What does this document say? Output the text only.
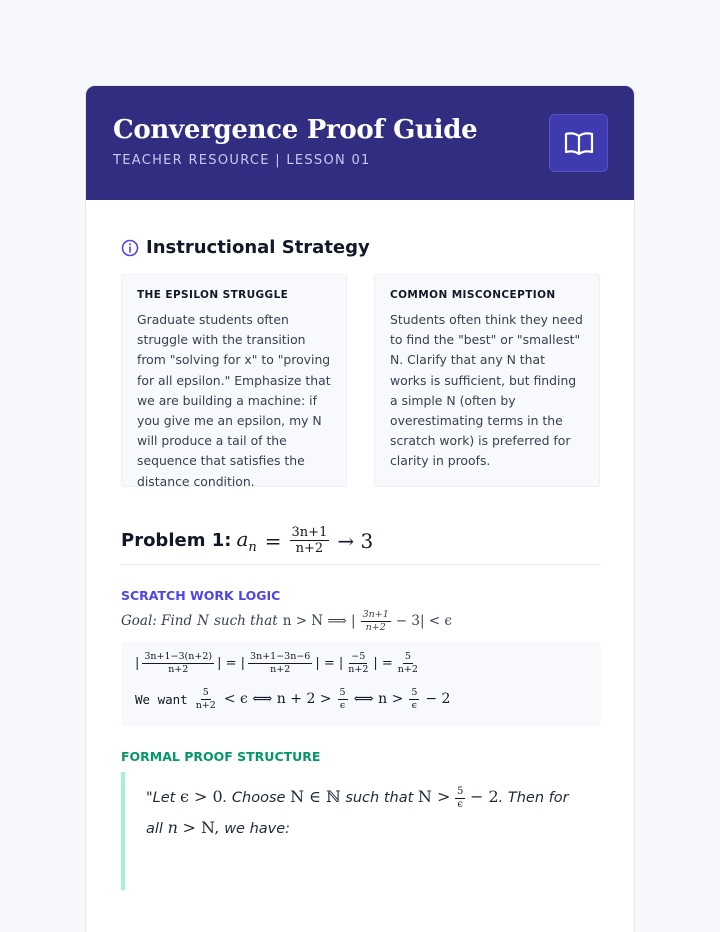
Convergence Proof Guide
TEACHER RESOURCE | LESSON 01
Instructional Strategy
THE EPSILON STRUGGLE
Graduate students often struggle with the transition from "solving for x" to "proving for all epsilon." Emphasize that we are building a machine: if you give me an epsilon, my N will produce a tail of the sequence that satisfies the distance condition.
COMMON MISCONCEPTION
Students often think they need to find the "best" or "smallest" N. Clarify that any N that works is sufficient, but finding a simple N (often by overestimating terms in the scratch work) is preferred for clarity in proofs.
Problem 1: $a_n = \frac{3n+1}{n+2} \to 3$
SCRATCH WORK LOGIC
Goal: Find N such that n > N ⟹ | $\frac{3n+1}{n+2} - 3| < \epsilon$
| $\frac{3n+1-3(n+2)}{n+2}$ | = | $\frac{3n+1-3n-6}{n+2}$ | = | $\frac{-5}{n+2}$ | = $\frac{5}{n+2}$
We want $\frac{5}{n+2} < \epsilon$ ⟺ $n + 2 > \frac{5}{\epsilon}$ ⟺ $n > \frac{5}{\epsilon} - 2$
FORMAL PROOF STRUCTURE
"Let ϵ > 0. Choose N ∈ ℕ such that $N > \frac{5}{\epsilon} - 2$. Then for all n > N, we have:
